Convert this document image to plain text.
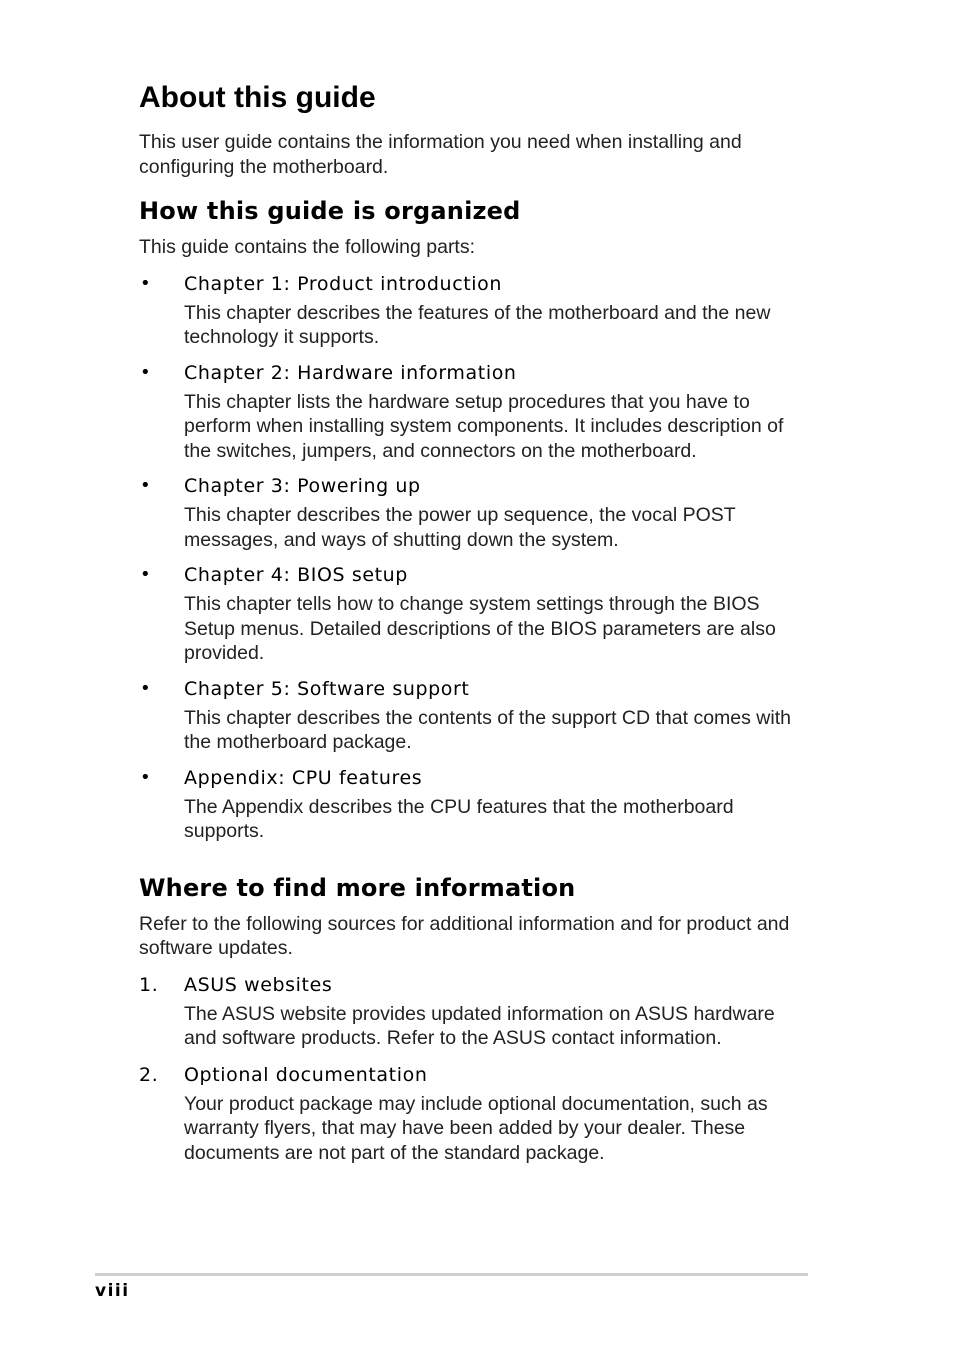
About this guide

This user guide contains the information you need when installing and configuring the motherboard.

How this guide is organized

This guide contains the following parts:

• Chapter 1: Product introduction

This chapter describes the features of the motherboard and the new technology it supports.

• Chapter 2: Hardware information

This chapter lists the hardware setup procedures that you have to perform when installing system components. It includes description of the switches, jumpers, and connectors on the motherboard.

• Chapter 3: Powering up

This chapter describes the power up sequence, the vocal POST messages, and ways of shutting down the system.

• Chapter 4: BIOS setup

This chapter tells how to change system settings through the BIOS Setup menus. Detailed descriptions of the BIOS parameters are also provided.

• Chapter 5: Software support

This chapter describes the contents of the support CD that comes with the motherboard package.

• Appendix: CPU features

The Appendix describes the CPU features that the motherboard supports.

Where to find more information

Refer to the following sources for additional information and for product and software updates.

1. ASUS websites

The ASUS website provides updated information on ASUS hardware and software products. Refer to the ASUS contact information.

2. Optional documentation

Your product package may include optional documentation, such as warranty flyers, that may have been added by your dealer. These documents are not part of the standard package.

viii
